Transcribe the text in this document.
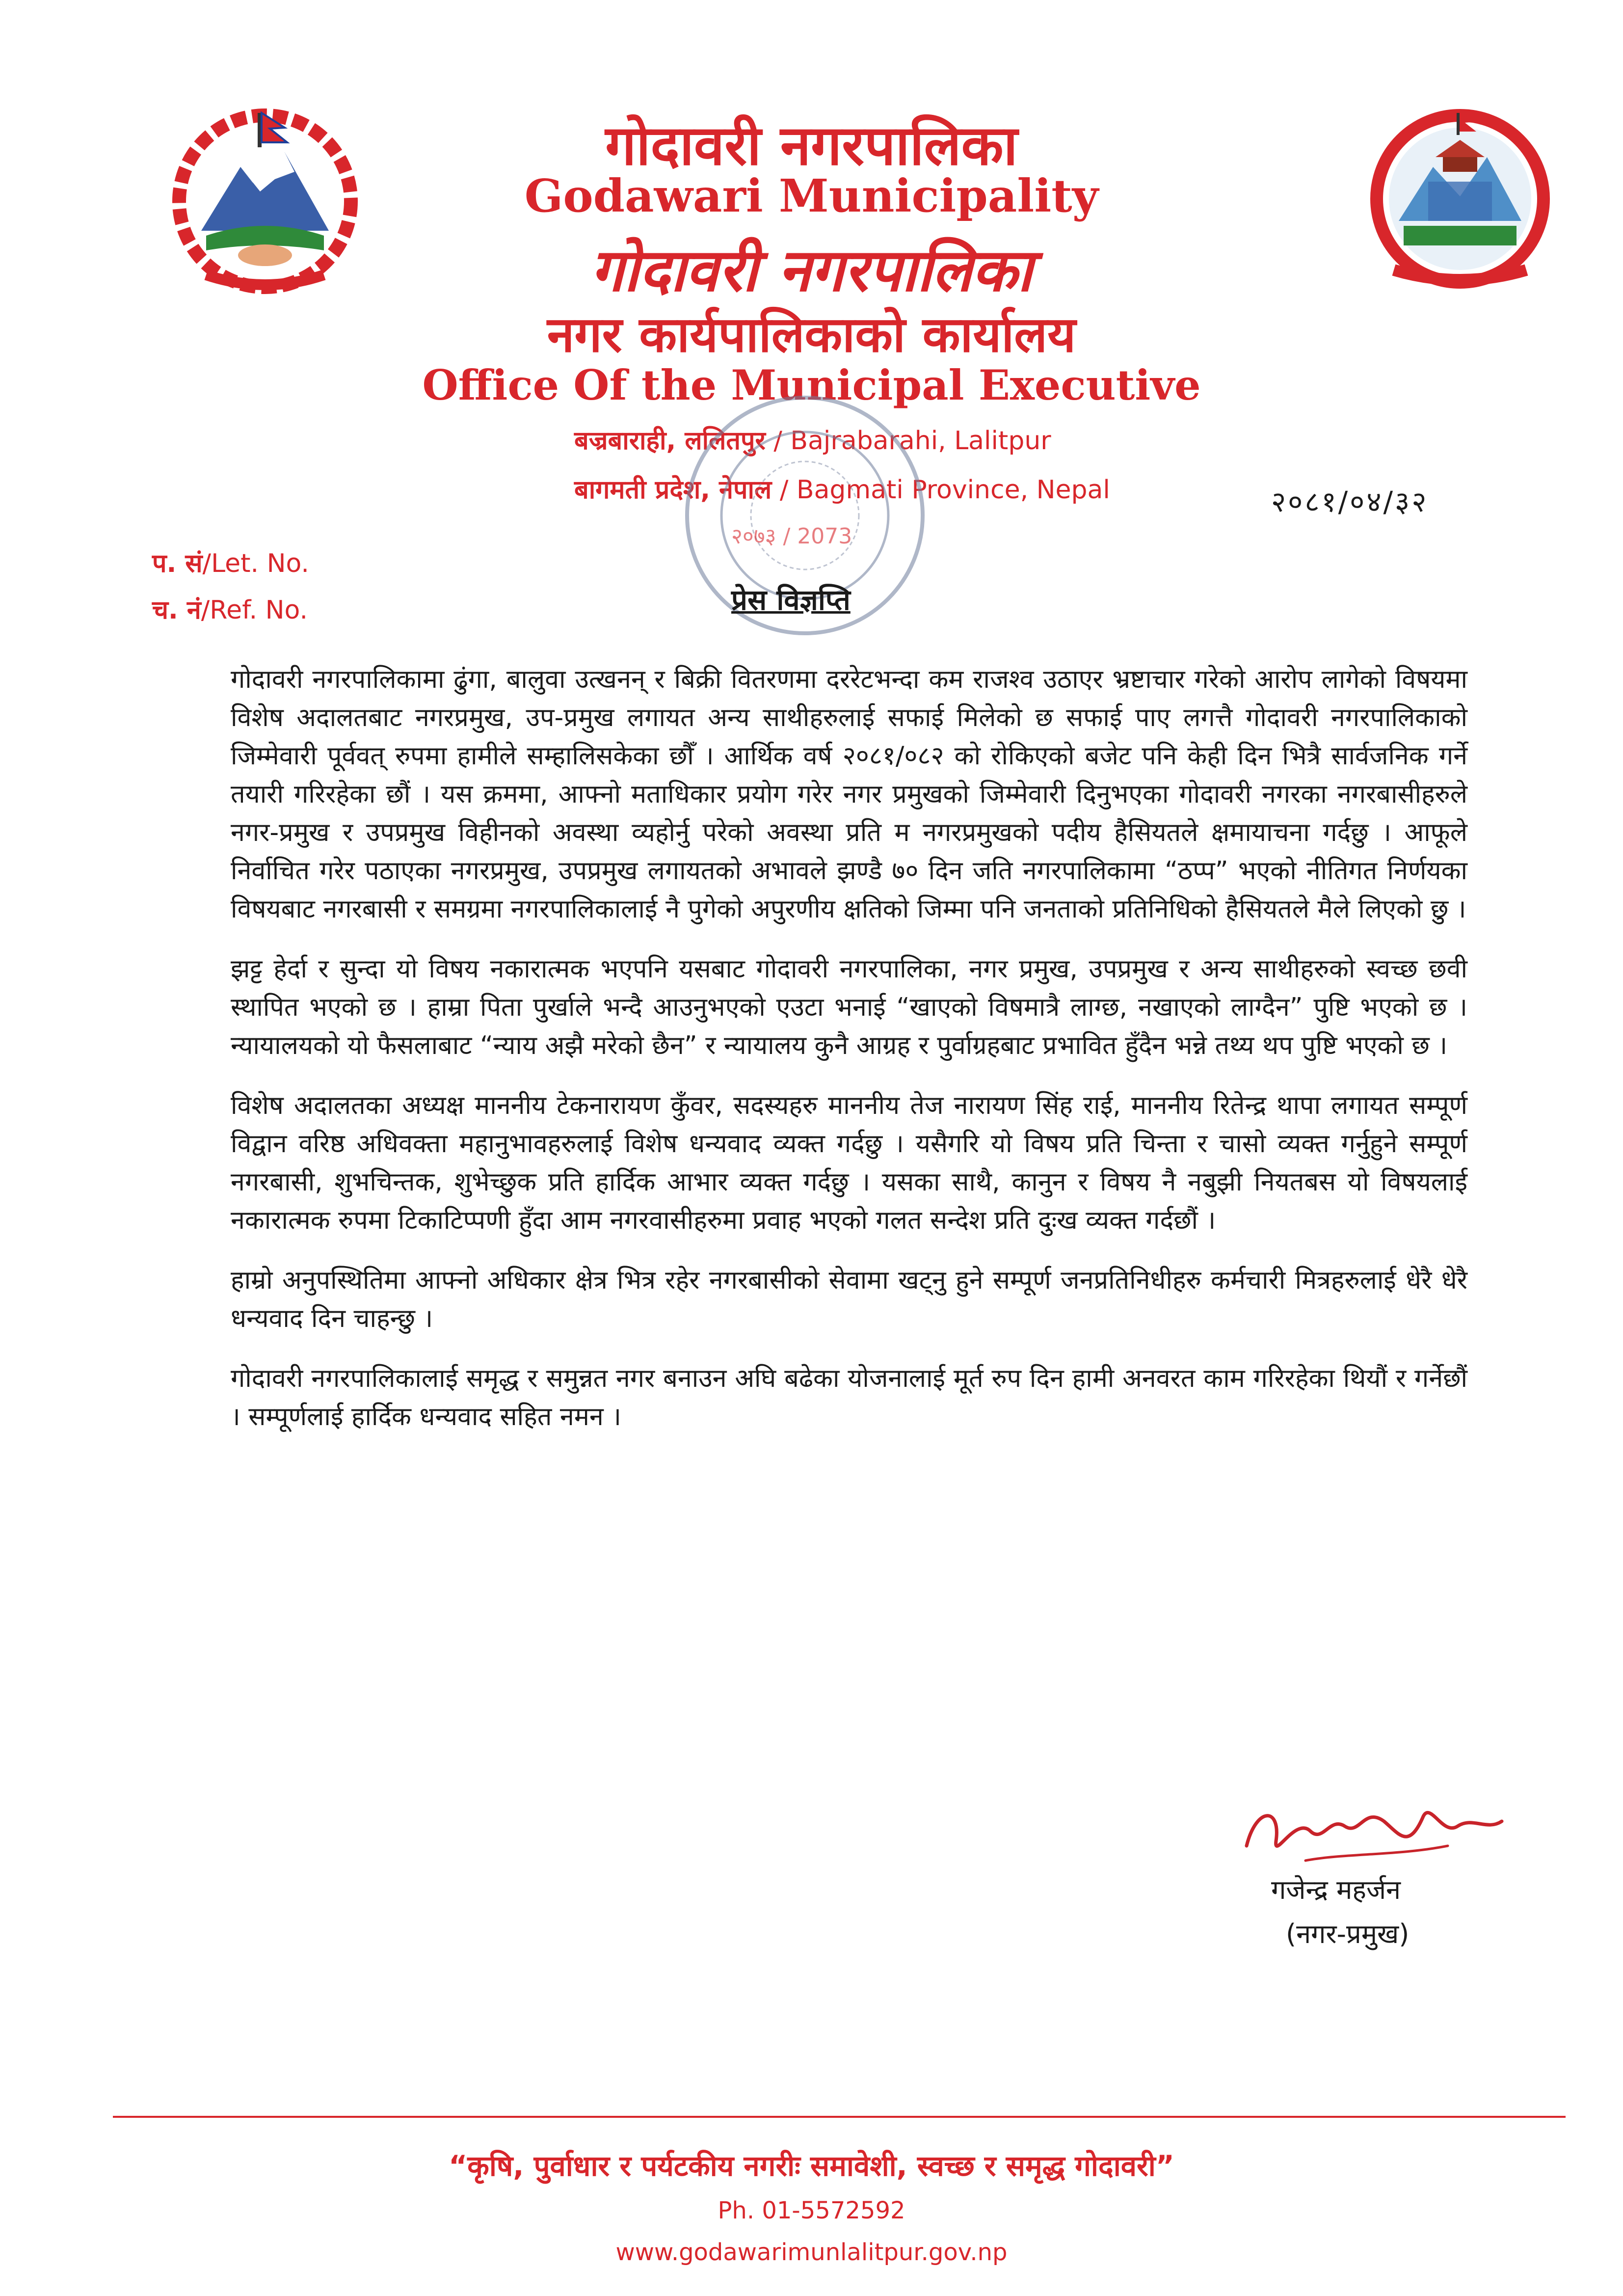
गोदावरी नगरपालिका
Godawari Municipality
गोदावरी नगरपालिका
नगर कार्यपालिकाको कार्यालय
Office Of the Municipal Executive
बज्रबाराही, ललितपुर / Bajrabarahi, Lalitpur
बागमती प्रदेश, नेपाल / Bagmati Province, Nepal
२०७३ / 2073
२०८१/०४/३२
प. सं/Let. No.
च. नं/Ref. No.	प्रेस विज्ञप्ति

गोदावरी नगरपालिकामा ढुंगा, बालुवा उत्खनन् र बिक्री वितरणमा दररेटभन्दा कम राजश्व उठाएर भ्रष्टाचार गरेको आरोप लागेको विषयमा विशेष अदालतबाट नगरप्रमुख, उप-प्रमुख लगायत अन्य साथीहरुलाई सफाई मिलेको छ सफाई पाए लगत्तै गोदावरी नगरपालिकाको जिम्मेवारी पूर्ववत् रुपमा हामीले सम्हालिसकेका छौँ । आर्थिक वर्ष २०८१/०८२ को रोकिएको बजेट पनि केही दिन भित्रै सार्वजनिक गर्ने तयारी गरिरहेका छौं । यस क्रममा, आफ्नो मताधिकार प्रयोग गरेर नगर प्रमुखको जिम्मेवारी दिनुभएका गोदावरी नगरका नगरबासीहरुले नगर-प्रमुख र उपप्रमुख विहीनको अवस्था व्यहोर्नु परेको अवस्था प्रति म नगरप्रमुखको पदीय हैसियतले क्षमायाचना गर्दछु । आफूले निर्वाचित गरेर पठाएका नगरप्रमुख, उपप्रमुख लगायतको अभावले झण्डै ७० दिन जति नगरपालिकामा “ठप्प” भएको नीतिगत निर्णयका विषयबाट नगरबासी र समग्रमा नगरपालिकालाई नै पुगेको अपुरणीय क्षतिको जिम्मा पनि जनताको प्रतिनिधिको हैसियतले मैले लिएको छु ।

झट्ट हेर्दा र सुन्दा यो विषय नकारात्मक भएपनि यसबाट गोदावरी नगरपालिका, नगर प्रमुख, उपप्रमुख र अन्य साथीहरुको स्वच्छ छवी स्थापित भएको छ । हाम्रा पिता पुर्खाले भन्दै आउनुभएको एउटा भनाई “खाएको विषमात्रै लाग्छ, नखाएको लाग्दैन” पुष्टि भएको छ । न्यायालयको यो फैसलाबाट “न्याय अझै मरेको छैन” र न्यायालय कुनै आग्रह र पुर्वाग्रहबाट प्रभावित हुँदैन भन्ने तथ्य थप पुष्टि भएको छ ।

विशेष अदालतका अध्यक्ष माननीय टेकनारायण कुँवर, सदस्यहरु माननीय तेज नारायण सिंह राई, माननीय रितेन्द्र थापा लगायत सम्पूर्ण विद्वान वरिष्ठ अधिवक्ता महानुभावहरुलाई विशेष धन्यवाद व्यक्त गर्दछु । यसैगरि यो विषय प्रति चिन्ता र चासो व्यक्त गर्नुहुने सम्पूर्ण नगरबासी, शुभचिन्तक, शुभेच्छुक प्रति हार्दिक आभार व्यक्त गर्दछु । यसका साथै, कानुन र विषय नै नबुझी नियतबस यो विषयलाई नकारात्मक रुपमा टिकाटिप्पणी हुँदा आम नगरवासीहरुमा प्रवाह भएको गलत सन्देश प्रति दुःख व्यक्त गर्दछौं ।

हाम्रो अनुपस्थितिमा आफ्नो अधिकार क्षेत्र भित्र रहेर नगरबासीको सेवामा खट्नु हुने सम्पूर्ण जनप्रतिनिधीहरु कर्मचारी मित्रहरुलाई धेरै धेरै धन्यवाद दिन चाहन्छु ।

गोदावरी नगरपालिकालाई समृद्ध र समुन्नत नगर बनाउन अघि बढेका योजनालाई मूर्त रुप दिन हामी अनवरत काम गरिरहेका थियौं र गर्नेछौं । सम्पूर्णलाई हार्दिक धन्यवाद सहित नमन ।

गजेन्द्र महर्जन
(नगर-प्रमुख)
“कृषि, पुर्वाधार र पर्यटकीय नगरीः समावेशी, स्वच्छ र समृद्ध गोदावरी”
Ph. 01-5572592
www.godawarimunlalitpur.gov.np
